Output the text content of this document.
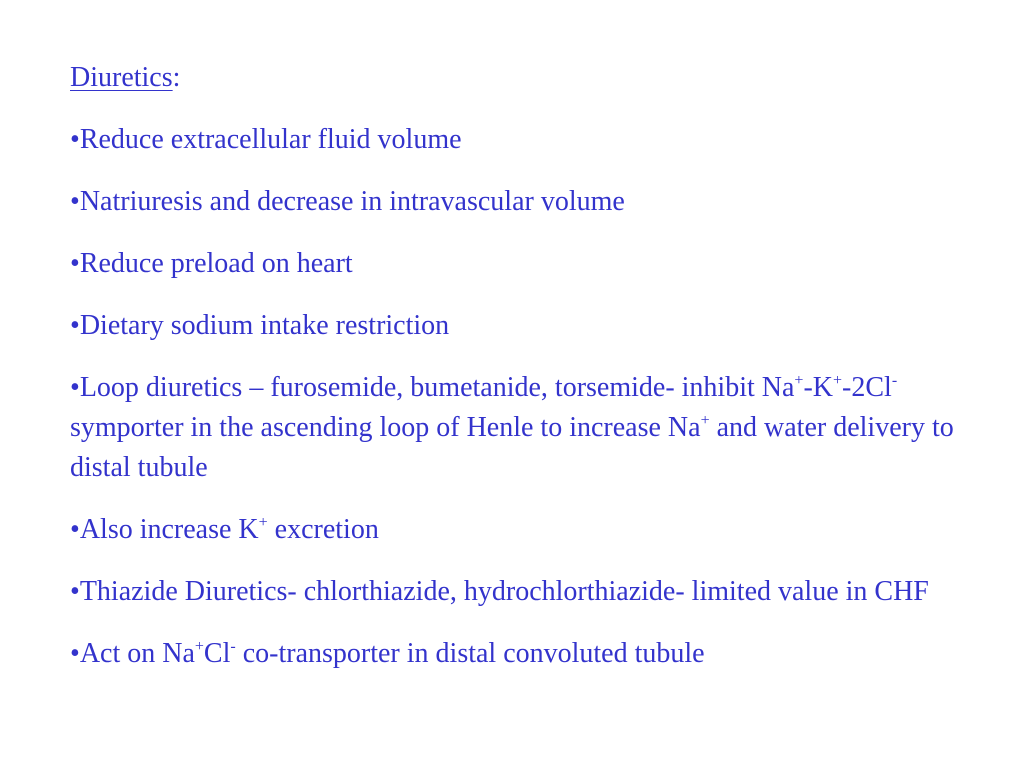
Diuretics:
•Reduce extracellular fluid volume
•Natriuresis and decrease in intravascular volume
•Reduce preload on heart
•Dietary sodium intake restriction
•Loop diuretics – furosemide, bumetanide, torsemide- inhibit Na+-K+-2Cl- symporter in the ascending loop of Henle to increase Na+ and water delivery to distal tubule
•Also increase K+ excretion
•Thiazide Diuretics- chlorthiazide, hydrochlorthiazide- limited value in CHF
•Act on Na+Cl- co-transporter in distal convoluted tubule
